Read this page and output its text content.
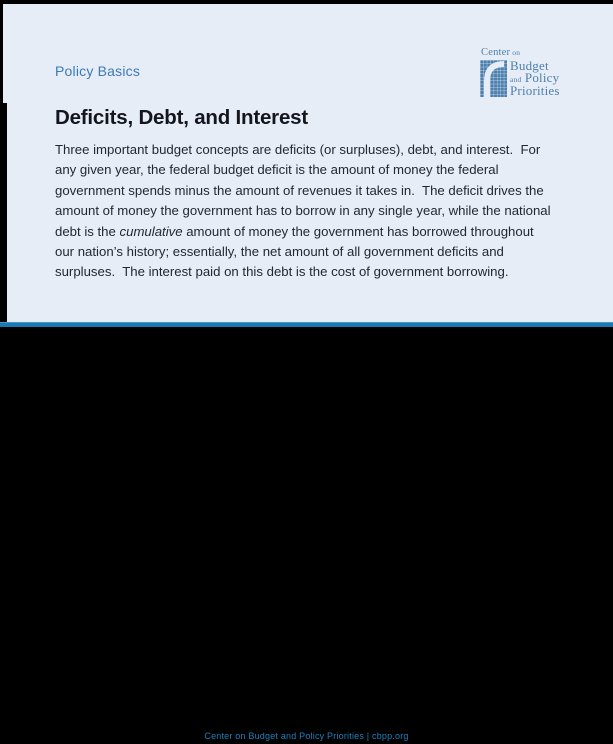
Policy Basics
Center on
Budget
and Policy
Priorities
Deficits, Debt, and Interest
Three important budget concepts are deficits (or surpluses), debt, and interest.  For
any given year, the federal budget deficit is the amount of money the federal
government spends minus the amount of revenues it takes in.  The deficit drives the
amount of money the government has to borrow in any single year, while the national
debt is the cumulative amount of money the government has borrowed throughout
our nation’s history; essentially, the net amount of all government deficits and
surpluses.  The interest paid on this debt is the cost of government borrowing.
Center on Budget and Policy Priorities | cbpp.org
